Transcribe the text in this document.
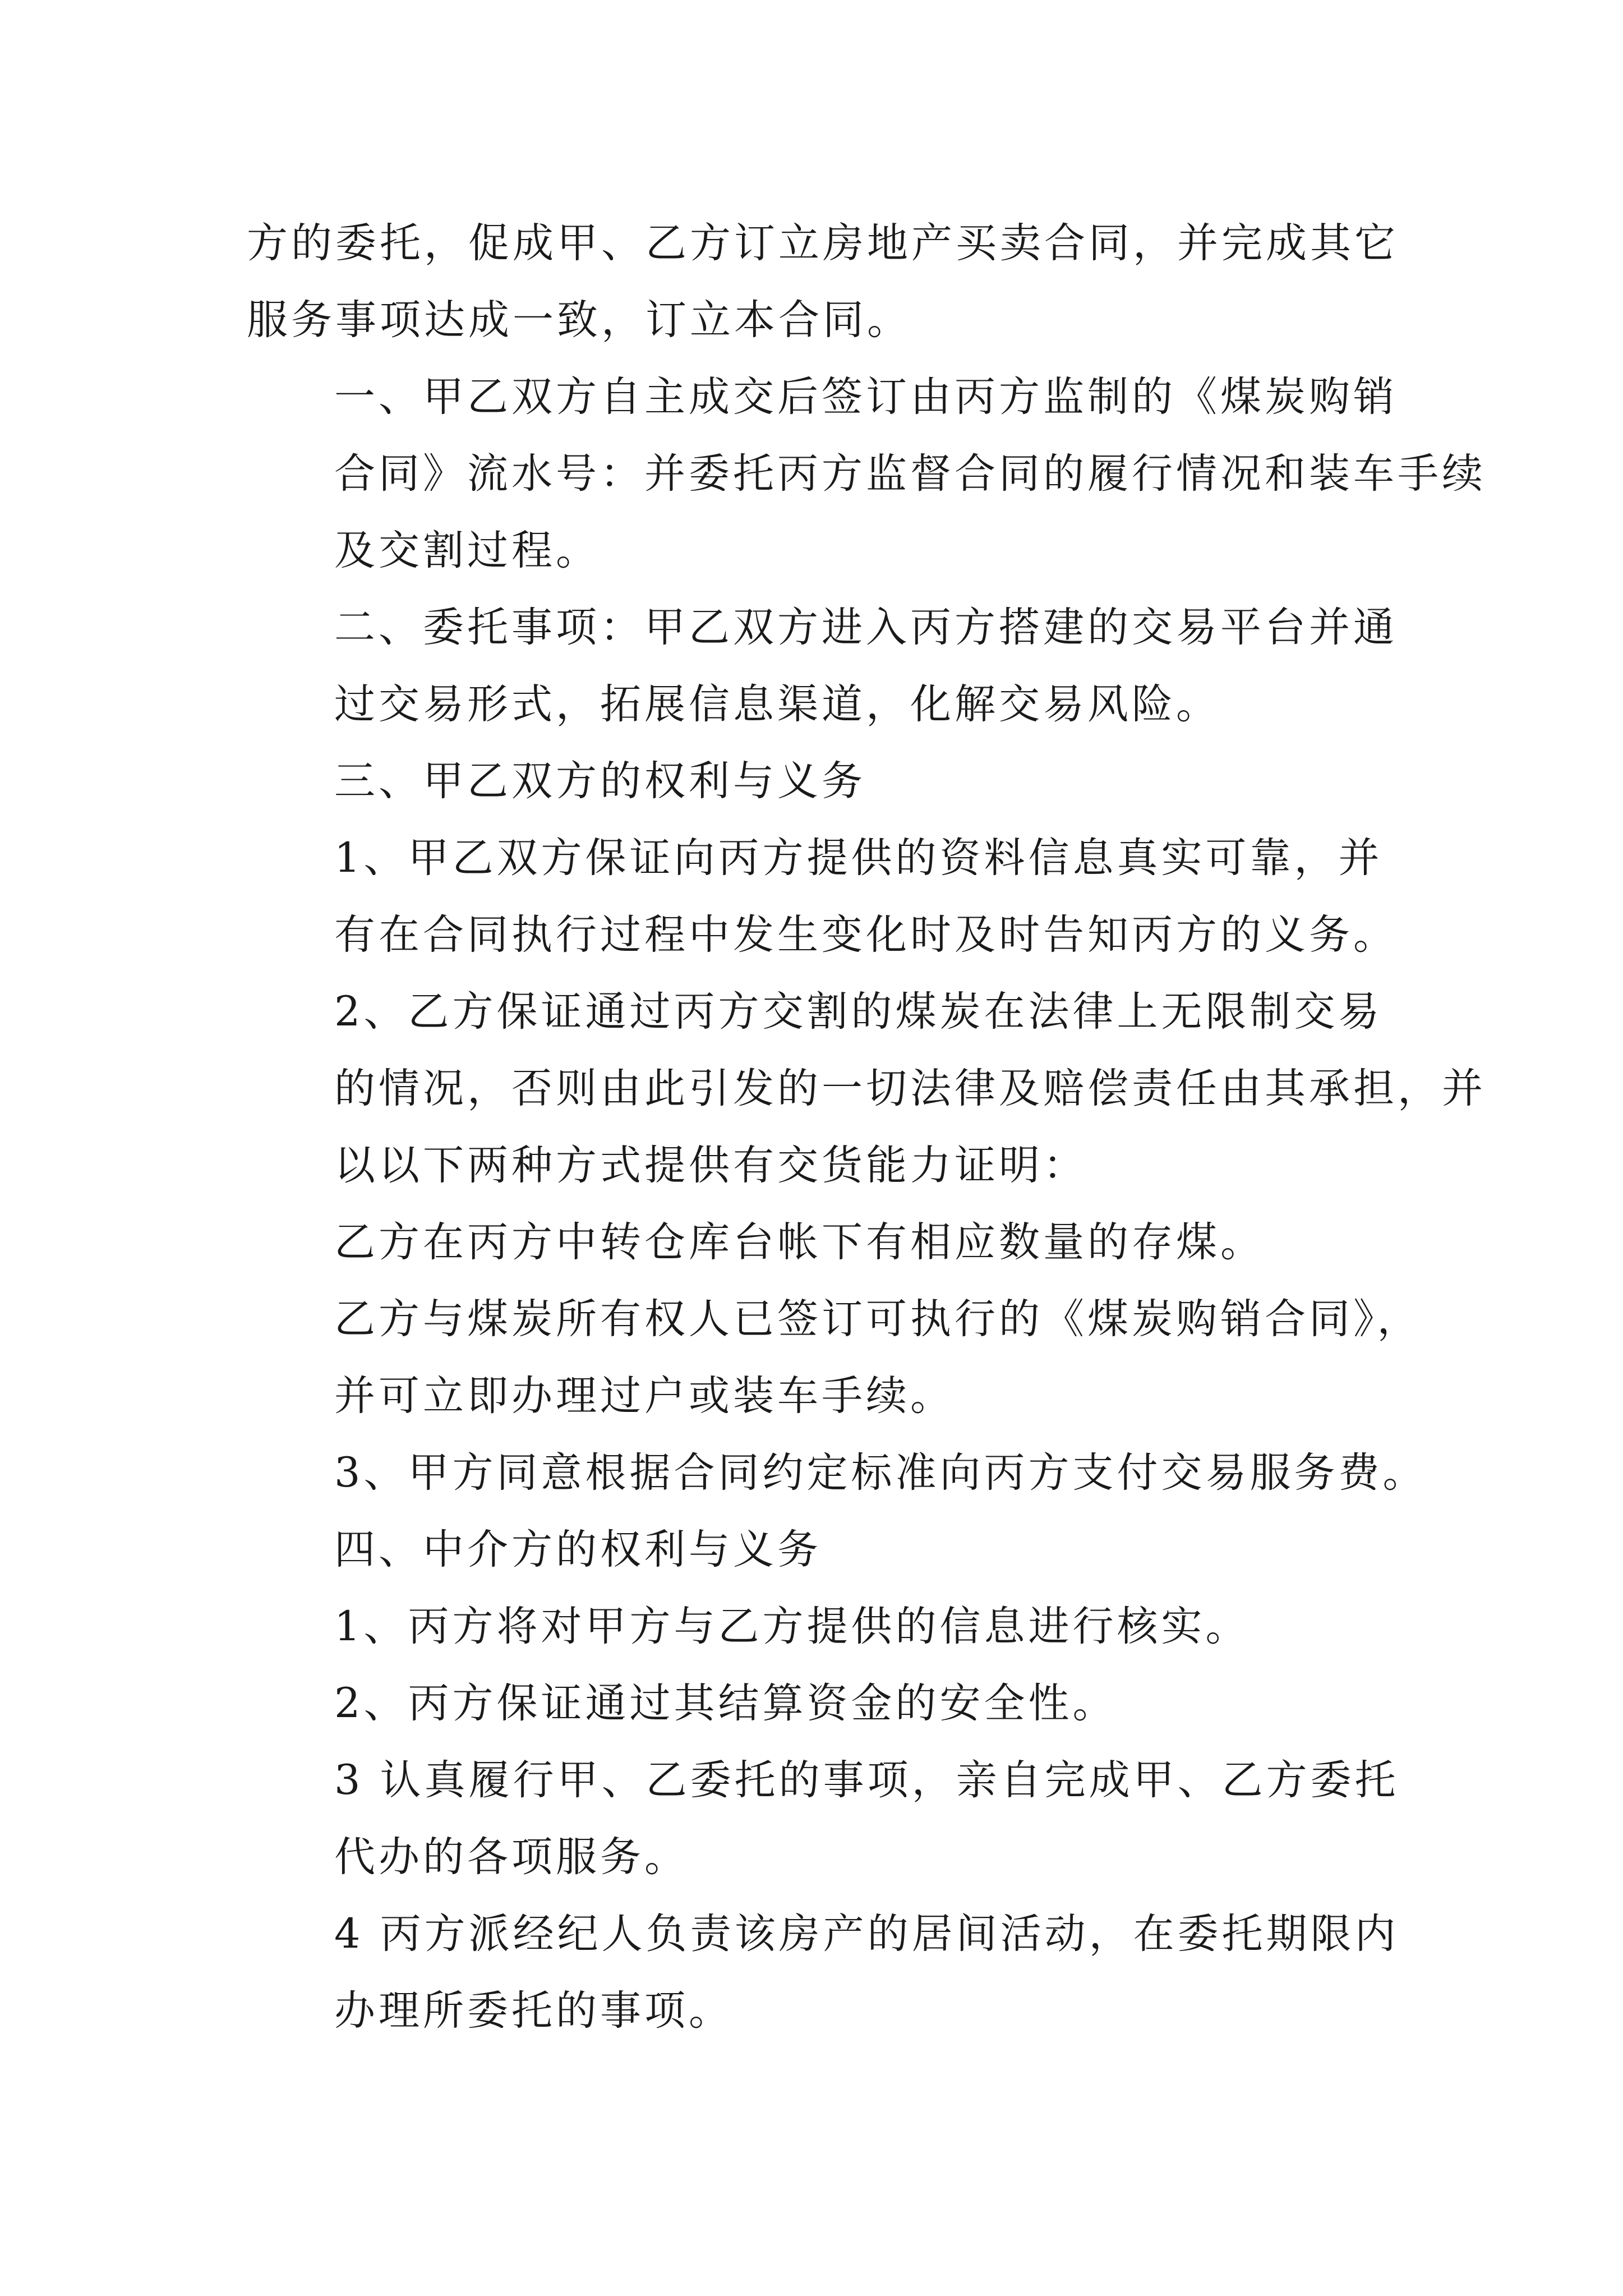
方的委托，促成甲、乙方订立房地产买卖合同，并完成其它
服务事项达成一致，订立本合同。

一、甲乙双方自主成交后签订由丙方监制的《煤炭购销
合同》流水号：并委托丙方监督合同的履行情况和装车手续
及交割过程。

二、委托事项：甲乙双方进入丙方搭建的交易平台并通
过交易形式，拓展信息渠道，化解交易风险。

三、甲乙双方的权利与义务

1、甲乙双方保证向丙方提供的资料信息真实可靠，并
有在合同执行过程中发生变化时及时告知丙方的义务。

2、乙方保证通过丙方交割的煤炭在法律上无限制交易
的情况，否则由此引发的一切法律及赔偿责任由其承担，并
以以下两种方式提供有交货能力证明：

乙方在丙方中转仓库台帐下有相应数量的存煤。

乙方与煤炭所有权人已签订可执行的《煤炭购销合同》，
并可立即办理过户或装车手续。

3、甲方同意根据合同约定标准向丙方支付交易服务费。

四、中介方的权利与义务

1、丙方将对甲方与乙方提供的信息进行核实。

2、丙方保证通过其结算资金的安全性。

3 认真履行甲、乙委托的事项，亲自完成甲、乙方委托
代办的各项服务。

4 丙方派经纪人负责该房产的居间活动，在委托期限内
办理所委托的事项。
